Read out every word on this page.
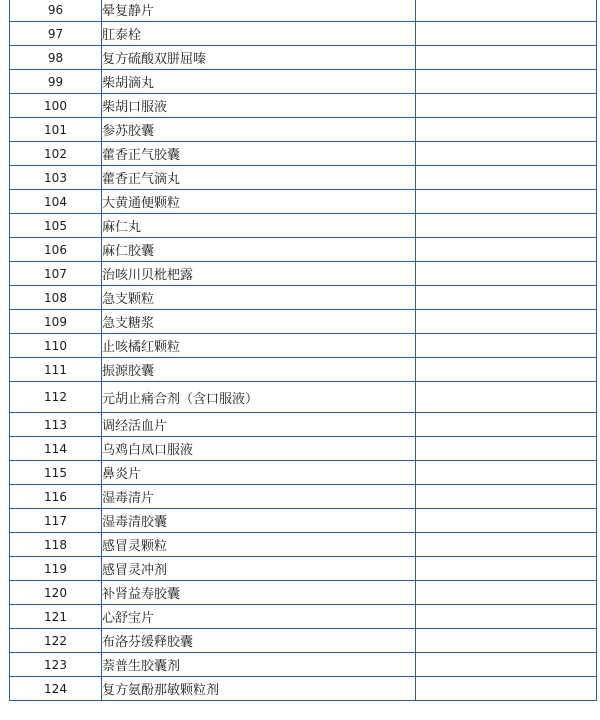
96	晕复静片	
97	肛泰栓	
98	复方硫酸双胼屈嗪	
99	柴胡滴丸	
100	柴胡口服液	
101	参苏胶囊	
102	藿香正气胶囊	
103	藿香正气滴丸	
104	大黄通便颗粒	
105	麻仁丸	
106	麻仁胶囊	
107	治咳川贝枇杷露	
108	急支颗粒	
109	急支糖浆	
110	止咳橘红颗粒	
111	振源胶囊	
112	元胡止痛合剂（含口服液）	
113	调经活血片	
114	乌鸡白凤口服液	
115	鼻炎片	
116	湿毒清片	
117	湿毒清胶囊	
118	感冒灵颗粒	
119	感冒灵冲剂	
120	补肾益寿胶囊	
121	心舒宝片	
122	布洛芬缓释胶囊	
123	萘普生胶囊剂	
124	复方氨酚那敏颗粒剂	
